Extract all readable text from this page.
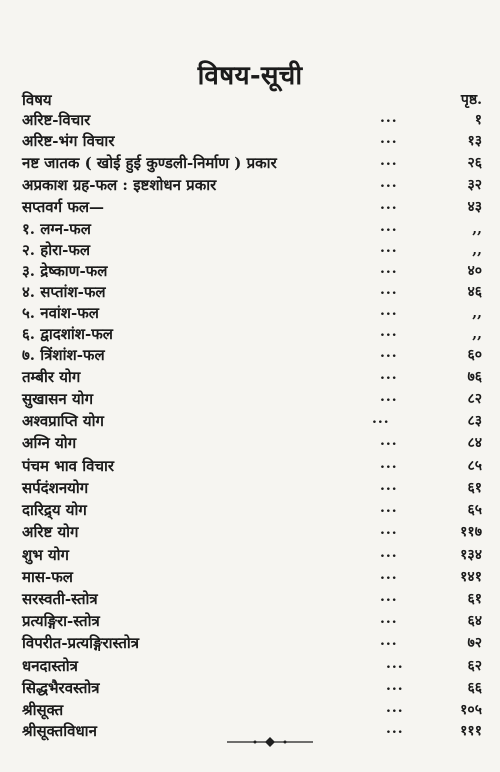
विषय-सूची
विषय	पृष्ठ.
अरिष्ट-विचार	...	१
अरिष्ट-भंग विचार	...	१३
नष्ट जातक ( खोई हुई कुण्डली-निर्माण ) प्रकार	...	२६
अप्रकाश ग्रह-फल : इष्टशोधन प्रकार	...	३२
सप्तवर्ग फल—	...	४३
१. लग्न-फल	...	,,
२. होरा-फल	...	,,
३. द्रेष्काण-फल	...	४०
४. सप्तांश-फल	...	४६
५. नवांश-फल	...	,,
६. द्वादशांश-फल	...	,,
७. त्रिंशांश-फल	...	६०
तम्बीर योग	...	७६
सुखासन योग	...	८२
अश्वप्राप्ति योग	...	८३
अग्नि योग	...	८४
पंचम भाव विचार	...	८५
सर्पदंशनयोग	...	६१
दारिद्र्य योग	...	६५
अरिष्ट योग	...	११७
शुभ योग	...	१३४
मास-फल	...	१४१
सरस्वती-स्तोत्र	...	६१
प्रत्यङ्गिरा-स्तोत्र	...	६४
विपरीत-प्रत्यङ्गिरास्तोत्र	...	७२
धनदास्तोत्र	...	६२
सिद्धभैरवस्तोत्र	...	६६
श्रीसूक्त	...	१०५
श्रीसूक्तविधान	...	१११
